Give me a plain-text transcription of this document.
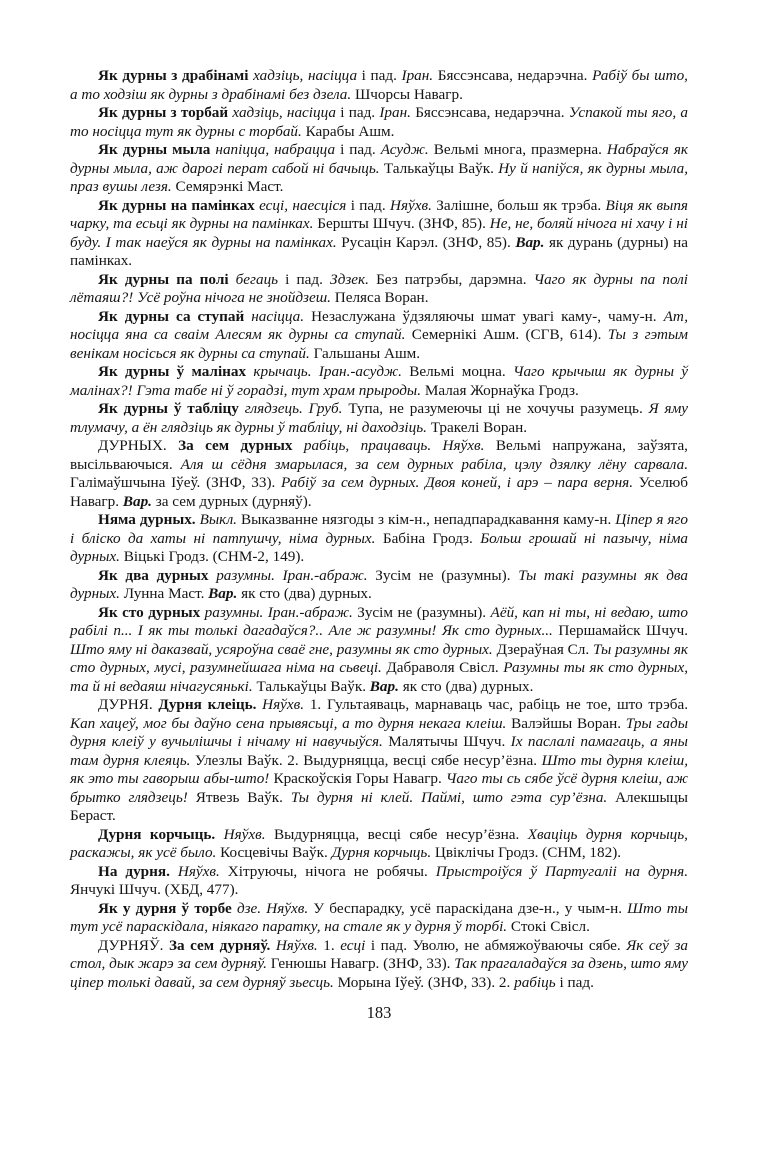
Як дурны з драбінамі хадзіць, насіцца і пад. Іран. Бяссэнсава, недарэчна. Рабіў бы што, а то ходзіш як дурны з драбінамі без дзела. Шчорсы Навагр.

Як дурны з торбай хадзіць, насіцца і пад. Іран. Бяссэнсава, недарэчна. Успакой ты яго, а то носіцца тут як дурны с торбай. Карабы Ашм.

Як дурны мыла напіцца, набрацца і пад. Асудж. Вельмі многа, празмерна. Набраўся як дурны мыла, аж дарогі перат сабой ні бачыць. Талькаўцы Ваўк. Ну й напіўся, як дурны мыла, праз вушы лезя. Семярэнкі Маст.

Як дурны на памінках есці, наесціся і пад. Няўхв. Залішне, больш як трэба. Віця як выпя чарку, та есьці як дурны на памінках. Бершты Шчуч. (ЗНФ, 85). Не, не, боляй нічога ні хачу і ні буду. І так наеўся як дурны на памінках. Русацін Карэл. (ЗНФ, 85). Вар. як дурань (дурны) на памінках.

Як дурны па полі бегаць і пад. Здзек. Без патрэбы, дарэмна. Чаго як дурны па полі лётаяш?! Усё роўна нічога не знойдзеш. Пеляса Воран.

Як дурны са ступай насіцца. Незаслужана ўдзяляючы шмат увагі каму-, чаму-н. Ат, носіцца яна са сваім Алесям як дурны са ступай. Семернікі Ашм. (СГВ, 614). Ты з гэтым венікам носісься як дурны са ступай. Гальшаны Ашм.

Як дурны ў малінах крычаць. Іран.-асудж. Вельмі моцна. Чаго крычыш як дурны ў малінах?! Гэта табе ні ў горадзі, тут храм прыроды. Малая Жорнаўка Гродз.

Як дурны ў табліцу глядзець. Груб. Тупа, не разумеючы ці не хочучы разумець. Я яму тлумачу, а ён глядзіць як дурны ў табліцу, ні даходзіць. Тракелі Воран.

ДУРНЫХ. За сем дурных рабіць, працаваць. Няўхв. Вельмі напружана, заўзята, высільваючыся. Аля ш сёдня змарылася, за сем дурных рабіла, цэлу дзялку лёну сарвала. Галімаўшчына Іўеў. (ЗНФ, 33). Рабіў за сем дурных. Двоя коней, і арэ – пара верня. Уселюб Навагр. Вар. за сем дурных (дурняў).

Няма дурных. Выкл. Выказванне нязгоды з кім-н., непадпарадкавання каму-н. Ціпер я яго і бліско да хаты ні патпушчу, німа дурных. Бабіна Гродз. Больш грошай ні пазычу, німа дурных. Віцькі Гродз. (СНМ-2, 149).

Як два дурных разумны. Іран.-абраж. Зусім не (разумны). Ты такі разумны як два дурных. Лунна Маст. Вар. як сто (два) дурных.

Як сто дурных разумны. Іран.-абраж. Зусім не (разумны). Аёй, кап ні ты, ні ведаю, што рабілі п... І як ты толькі дагадаўся?.. Але ж разумны! Як сто дурных... Першамайск Шчуч. Што яму ні даказвай, усяроўна сваё гне, разумны як сто дурных. Дзераўная Сл. Ты разумны як сто дурных, мусі, разумнейшага німа на сьвеці. Дабраволя Свісл. Разумны ты як сто дурных, та й ні ведаяш нічагусянькі. Талькаўцы Ваўк. Вар. як сто (два) дурных.

ДУРНЯ. Дурня клеіць. Няўхв. 1. Гультаяваць, марнаваць час, рабіць не тое, што трэба. Кап хацеў, мог бы даўно сена прывясьці, а то дурня некага клеіш. Валэйшы Воран. Тры гады дурня клеіў у вучылішчы і нічаму ні навучыўся. Малятычы Шчуч. Іх паслалі памагаць, а яны там дурня клеяць. Улезлы Ваўк. 2. Выдурняцца, весці сябе несур’ёзна. Што ты дурня клеіш, як это ты гаворыш абы-што! Краскоўскія Горы Навагр. Чаго ты сь сябе ўсё дурня клеіш, аж брытко глядзець! Ятвезь Ваўк. Ты дурня ні клей. Паймі, што гэта сур’ёзна. Алекшыцы Бераст.

Дурня корчыць. Няўхв. Выдурняцца, весці сябе несур’ёзна. Хваціць дурня корчыць, раскажы, як усё было. Косцевічы Ваўк. Дурня корчыць. Цвіклічы Гродз. (СНМ, 182).

На дурня. Няўхв. Хітруючы, нічога не робячы. Прыстроіўся ў Партугаліі на дурня. Янчукі Шчуч. (ХБД, 477).

Як у дурня ў торбе дзе. Няўхв. У беспарадку, усё параскідана дзе-н., у чым-н. Што ты тут усё параскідала, ніякаго паратку, на стале як у дурня ў торбі. Стокі Свісл.

ДУРНЯЎ. За сем дурняў. Няўхв. 1. есці і пад. Уволю, не абмяжоўваючы сябе. Як сеў за стол, дык жарэ за сем дурняў. Генюшы Навагр. (ЗНФ, 33). Так прагаладаўся за дзень, што яму ціпер толькі давай, за сем дурняў зьесць. Морына Іўеў. (ЗНФ, 33). 2. рабіць і пад.

183
